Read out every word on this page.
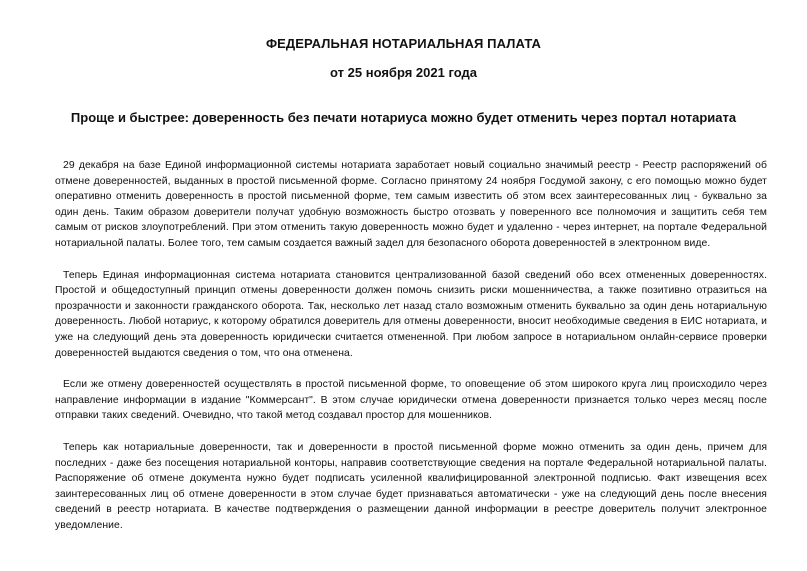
ФЕДЕРАЛЬНАЯ НОТАРИАЛЬНАЯ ПАЛАТА
от 25 ноября 2021 года
Проще и быстрее: доверенность без печати нотариуса можно будет отменить через портал нотариата

29 декабря на базе Единой информационной системы нотариата заработает новый социально значимый реестр - Реестр распоряжений об отмене доверенностей, выданных в простой письменной форме. Согласно принятому 24 ноября Госдумой закону, с его помощью можно будет оперативно отменить доверенность в простой письменной форме, тем самым известить об этом всех заинтересованных лиц - буквально за один день. Таким образом доверители получат удобную возможность быстро отозвать у поверенного все полномочия и защитить себя тем самым от рисков злоупотреблений. При этом отменить такую доверенность можно будет и удаленно - через интернет, на портале Федеральной нотариальной палаты. Более того, тем самым создается важный задел для безопасного оборота доверенностей в электронном виде.

Теперь Единая информационная система нотариата становится централизованной базой сведений обо всех отмененных доверенностях. Простой и общедоступный принцип отмены доверенности должен помочь снизить риски мошенничества, а также позитивно отразиться на прозрачности и законности гражданского оборота. Так, несколько лет назад стало возможным отменить буквально за один день нотариальную доверенность. Любой нотариус, к которому обратился доверитель для отмены доверенности, вносит необходимые сведения в ЕИС нотариата, и уже на следующий день эта доверенность юридически считается отмененной. При любом запросе в нотариальном онлайн-сервисе проверки доверенностей выдаются сведения о том, что она отменена.

Если же отмену доверенностей осуществлять в простой письменной форме, то оповещение об этом широкого круга лиц происходило через направление информации в издание "Коммерсант". В этом случае юридически отмена доверенности признается только через месяц после отправки таких сведений. Очевидно, что такой метод создавал простор для мошенников.

Теперь как нотариальные доверенности, так и доверенности в простой письменной форме можно отменить за один день, причем для последних - даже без посещения нотариальной конторы, направив соответствующие сведения на портале Федеральной нотариальной палаты. Распоряжение об отмене документа нужно будет подписать усиленной квалифицированной электронной подписью. Факт извещения всех заинтересованных лиц об отмене доверенности в этом случае будет признаваться автоматически - уже на следующий день после внесения сведений в реестр нотариата. В качестве подтверждения о размещении данной информации в реестре доверитель получит электронное уведомление.
